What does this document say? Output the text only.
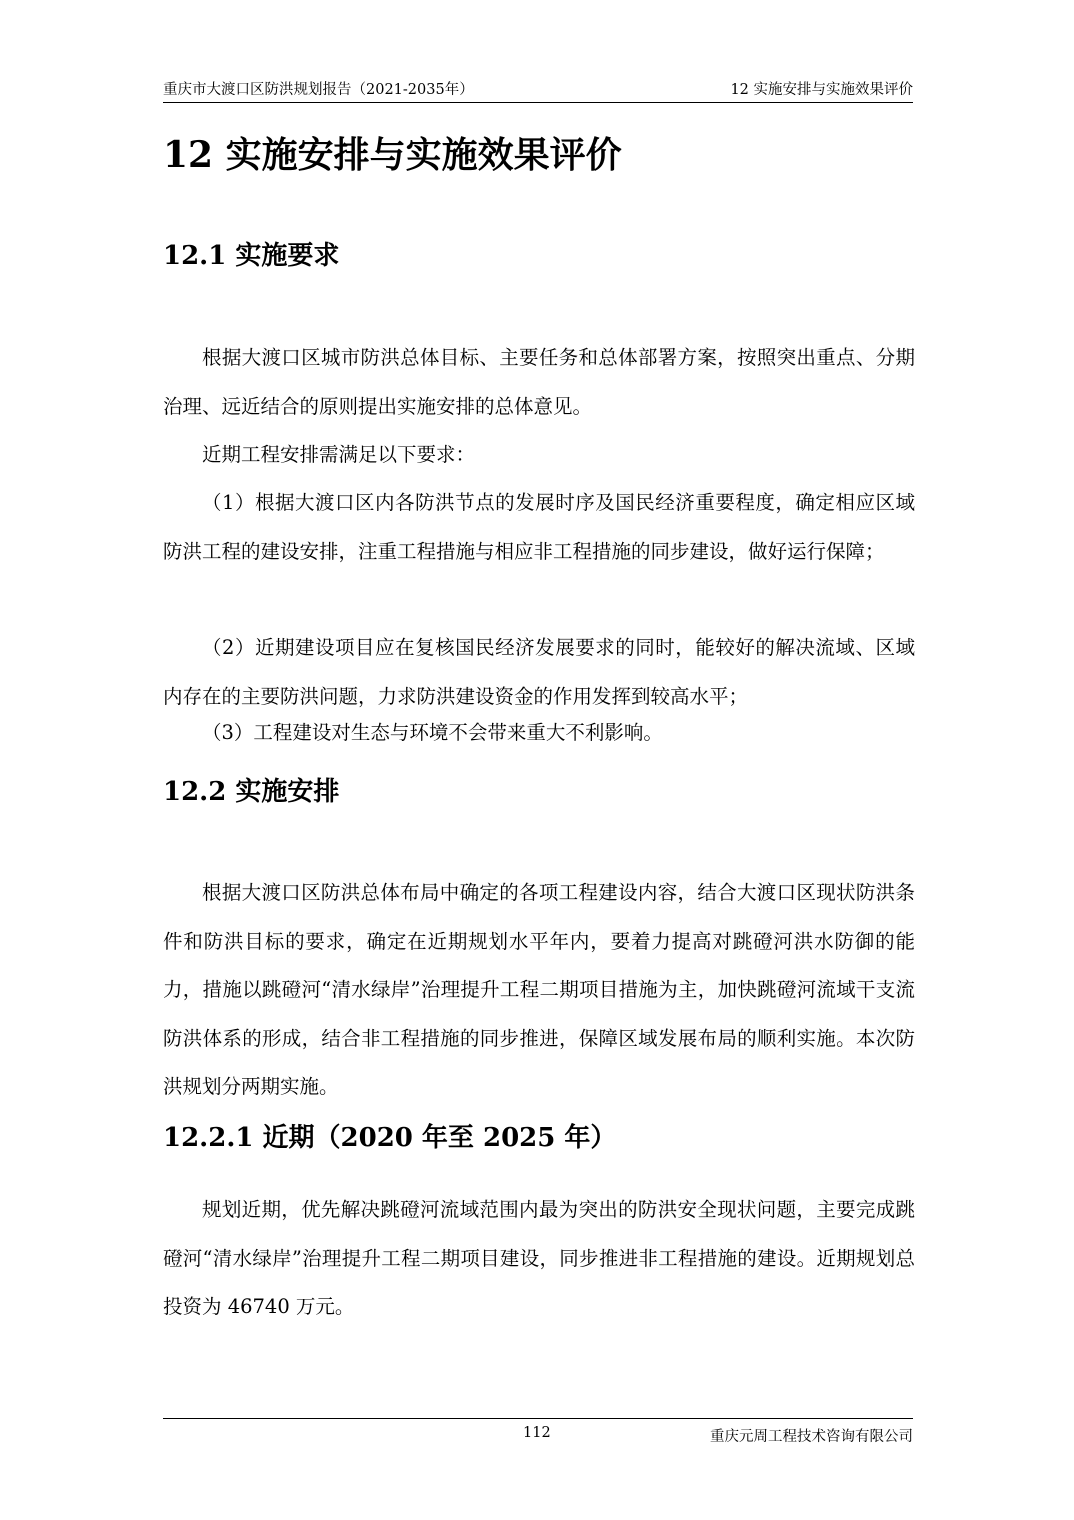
重庆市大渡口区防洪规划报告（2021-2035年）	12 实施安排与实施效果评价
12 实施安排与实施效果评价
12.1 实施要求

根据大渡口区城市防洪总体目标、主要任务和总体部署方案，按照突出重点、分期治理、远近结合的原则提出实施安排的总体意见。

近期工程安排需满足以下要求：

（1）根据大渡口区内各防洪节点的发展时序及国民经济重要程度，确定相应区域防洪工程的建设安排，注重工程措施与相应非工程措施的同步建设，做好运行保障；

（2）近期建设项目应在复核国民经济发展要求的同时，能较好的解决流域、区域内存在的主要防洪问题，力求防洪建设资金的作用发挥到较高水平；

（3）工程建设对生态与环境不会带来重大不利影响。

12.2 实施安排

根据大渡口区防洪总体布局中确定的各项工程建设内容，结合大渡口区现状防洪条件和防洪目标的要求，确定在近期规划水平年内，要着力提高对跳磴河洪水防御的能力，措施以跳磴河“清水绿岸”治理提升工程二期项目措施为主，加快跳磴河流域干支流防洪体系的形成，结合非工程措施的同步推进，保障区域发展布局的顺利实施。本次防洪规划分两期实施。

12.2.1 近期（2020 年至 2025 年）

规划近期，优先解决跳磴河流域范围内最为突出的防洪安全现状问题，主要完成跳磴河“清水绿岸”治理提升工程二期项目建设，同步推进非工程措施的建设。近期规划总投资为 46740 万元。

112	重庆元周工程技术咨询有限公司
